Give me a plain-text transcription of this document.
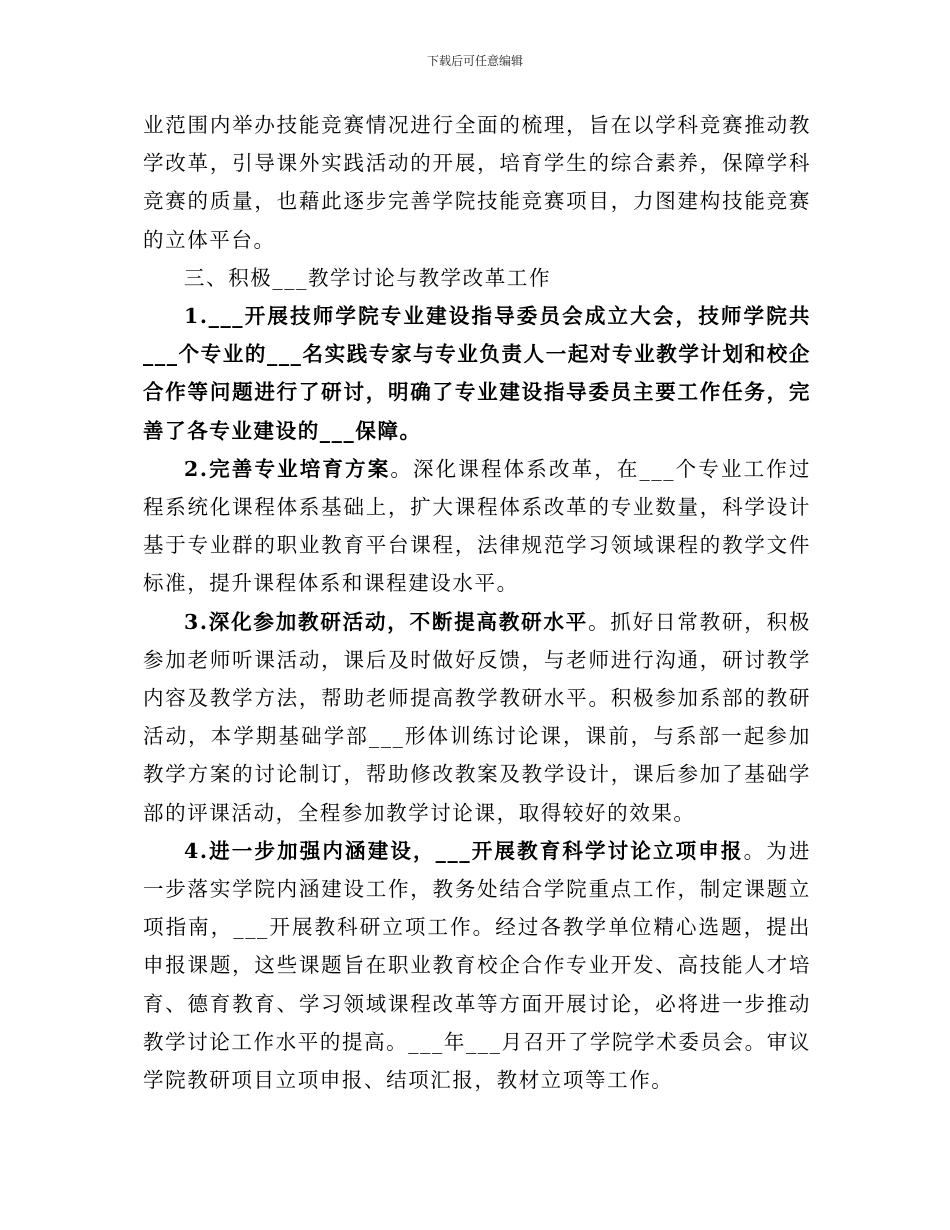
下载后可任意编辑

业范围内举办技能竞赛情况进行全面的梳理，旨在以学科竞赛推动教学改革，引导课外实践活动的开展，培育学生的综合素养，保障学科竞赛的质量，也藉此逐步完善学院技能竞赛项目，力图建构技能竞赛的立体平台。

三、积极___教学讨论与教学改革工作

1.___开展技师学院专业建设指导委员会成立大会，技师学院共___个专业的___名实践专家与专业负责人一起对专业教学计划和校企合作等问题进行了研讨，明确了专业建设指导委员主要工作任务，完善了各专业建设的___保障。

2.完善专业培育方案。深化课程体系改革，在___个专业工作过程系统化课程体系基础上，扩大课程体系改革的专业数量，科学设计基于专业群的职业教育平台课程，法律规范学习领域课程的教学文件标准，提升课程体系和课程建设水平。

3.深化参加教研活动，不断提高教研水平。抓好日常教研，积极参加老师听课活动，课后及时做好反馈，与老师进行沟通，研讨教学内容及教学方法，帮助老师提高教学教研水平。积极参加系部的教研活动，本学期基础学部___形体训练讨论课，课前，与系部一起参加教学方案的讨论制订，帮助修改教案及教学设计，课后参加了基础学部的评课活动，全程参加教学讨论课，取得较好的效果。

4.进一步加强内涵建设，___开展教育科学讨论立项申报。为进一步落实学院内涵建设工作，教务处结合学院重点工作，制定课题立项指南，___开展教科研立项工作。经过各教学单位精心选题，提出申报课题，这些课题旨在职业教育校企合作专业开发、高技能人才培育、德育教育、学习领域课程改革等方面开展讨论，必将进一步推动教学讨论工作水平的提高。___年___月召开了学院学术委员会。审议学院教研项目立项申报、结项汇报，教材立项等工作。
